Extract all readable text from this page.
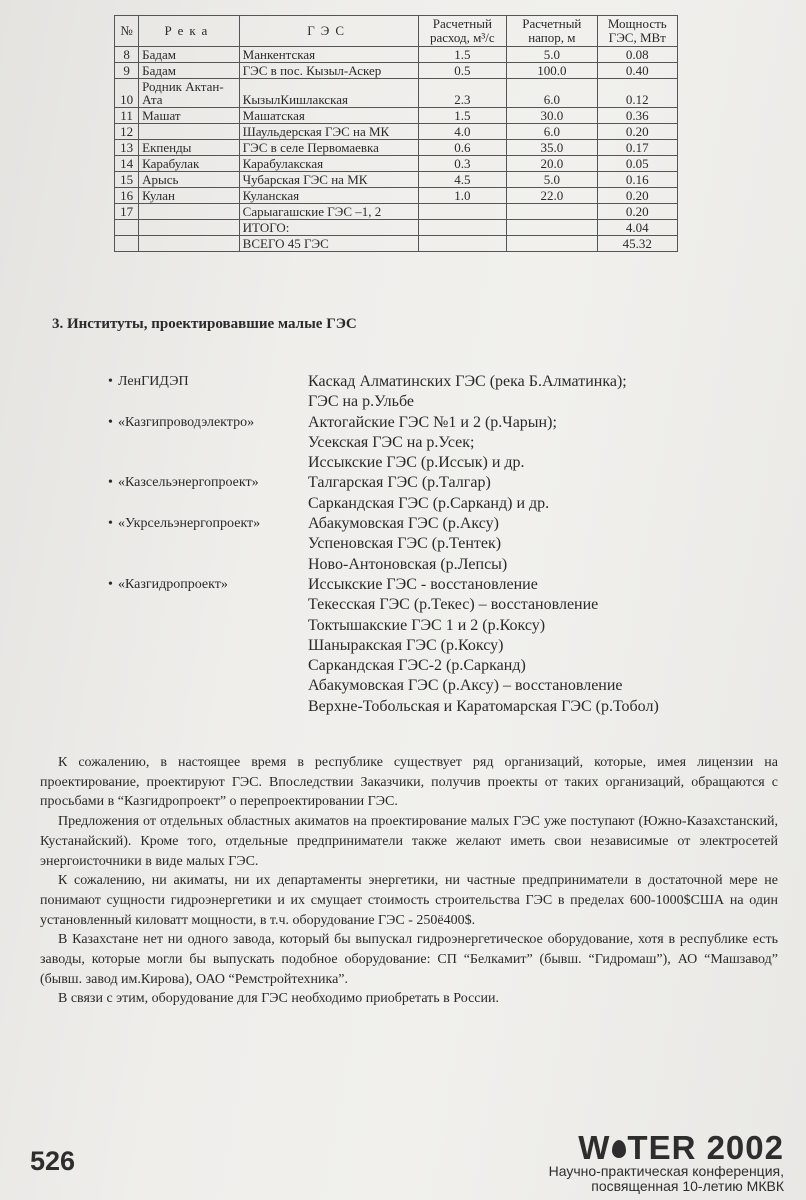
№	Река	ГЭС	Расчетный расход, м³/с	Расчетный напор, м	Мощность ГЭС, МВт
8	Бадам	Манкентская	1.5	5.0	0.08
9	Бадам	ГЭС в пос. Кызыл-Аскер	0.5	100.0	0.40
10	Родник Актан-Ата	КызылКишлакская	2.3	6.0	0.12
11	Машат	Машатская	1.5	30.0	0.36
12		Шаульдерская ГЭС на МК	4.0	6.0	0.20
13	Екпенды	ГЭС в селе Первомаевка	0.6	35.0	0.17
14	Карабулак	Карабулакская	0.3	20.0	0.05
15	Арысь	Чубарская ГЭС на МК	4.5	5.0	0.16
16	Кулан	Куланская	1.0	22.0	0.20
17		Сарыагашские ГЭС –1, 2			0.20
		ИТОГО:			4.04
		ВСЕГО 45 ГЭС			45.32
3. Институты, проектировавшие малые ГЭС
• ЛенГИДЭП	Каскад Алматинских ГЭС (река Б.Алматинка);
ГЭС на р.Ульбе
• «Казгипроводэлектро»	Актогайские ГЭС №1 и 2 (р.Чарын);
Усекская ГЭС на р.Усек;
Иссыкские ГЭС (р.Иссык) и др.
• «Казсельэнергопроект»	Талгарская ГЭС (р.Талгар)
Саркандская ГЭС (р.Сарканд) и др.
• «Укрсельэнергопроект»	Абакумовская ГЭС (р.Аксу)
Успеновская ГЭС (р.Тентек)
Ново-Антоновская (р.Лепсы)
• «Казгидропроект»	Иссыкские ГЭС - восстановление
Текесская ГЭС (р.Текес) – восстановление
Токтышакские ГЭС 1 и 2 (р.Коксу)
Шаныракская ГЭС (р.Коксу)
Саркандская ГЭС-2 (р.Сарканд)
Абакумовская ГЭС (р.Аксу) – восстановление
Верхне-Тобольская и Каратомарская ГЭС (р.Тобол)

К сожалению, в настоящее время в республике существует ряд организаций, которые, имея лицензии на проектирование, проектируют ГЭС. Впоследствии Заказчики, получив проекты от таких организаций, обращаются с просьбами в “Казгидропроект” о перепроектировании ГЭС.

Предложения от отдельных областных акиматов на проектирование малых ГЭС уже поступают (Южно-Казахстанский, Кустанайский). Кроме того, отдельные предприниматели также желают иметь свои независимые от электросетей энергоисточники в виде малых ГЭС.

К сожалению, ни акиматы, ни их департаменты энергетики, ни частные предприниматели в достаточной мере не понимают сущности гидроэнергетики и их смущает стоимость строительства ГЭС в пределах 600-1000$США на один установленный киловатт мощности, в т.ч. оборудование ГЭС - 250ё400$.

В Казахстане нет ни одного завода, который бы выпускал гидроэнергетическое оборудование, хотя в республике есть заводы, которые могли бы выпускать подобное оборудование: СП “Белкамит” (бывш. “Гидромаш”), АО “Машзавод” (бывш. завод им.Кирова), ОАО “Ремстройтехника”.

В связи с этим, оборудование для ГЭС необходимо приобретать в России.

526	W TER 2002
Научно-практическая конференция,
посвященная 10-летию МКВК
